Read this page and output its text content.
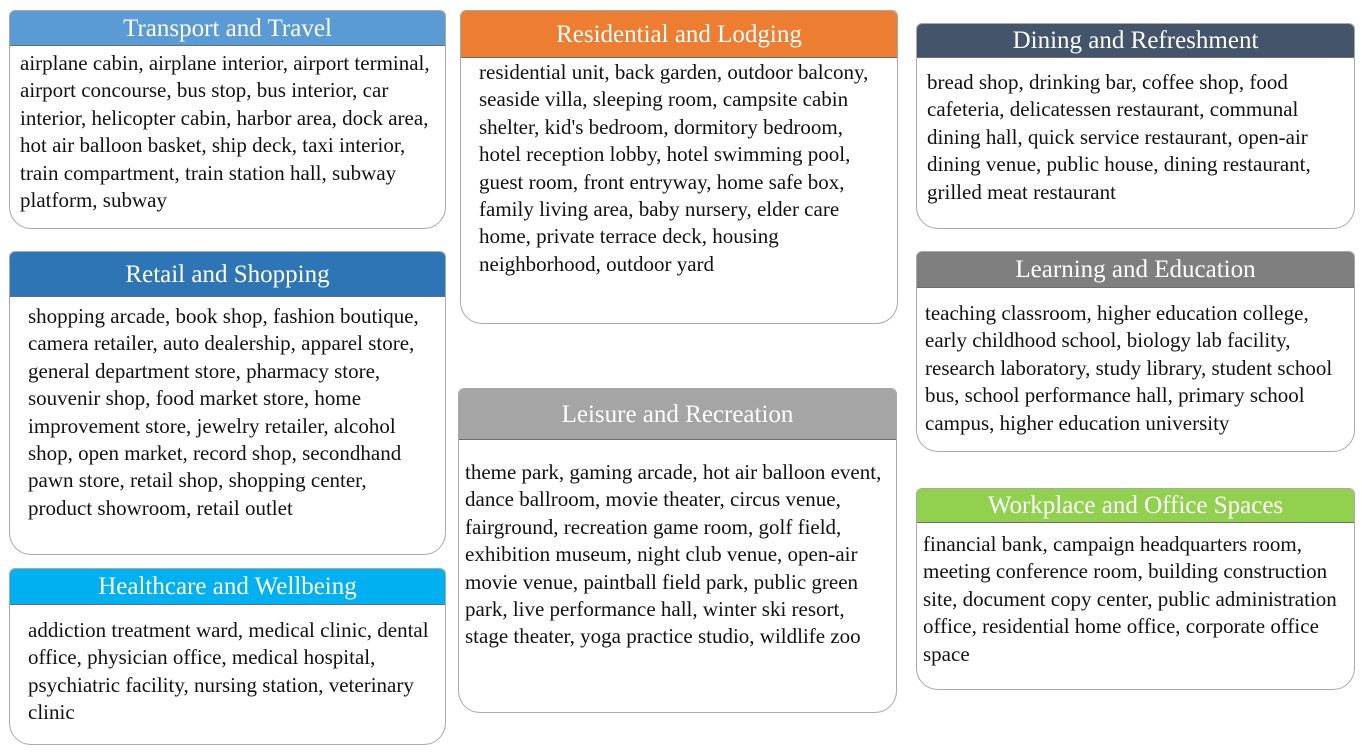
Transport and Travel
airplane cabin, airplane interior, airport terminal, airport concourse, bus stop, bus interior, car interior, helicopter cabin, harbor area, dock area, hot air balloon basket, ship deck, taxi interior, train compartment, train station hall, subway platform, subway
Retail and Shopping
shopping arcade, book shop, fashion boutique, camera retailer, auto dealership, apparel store, general department store, pharmacy store, souvenir shop, food market store, home improvement store, jewelry retailer, alcohol shop, open market, record shop, secondhand pawn store, retail shop, shopping center, product showroom, retail outlet
Healthcare and Wellbeing
addiction treatment ward, medical clinic, dental office, physician office, medical hospital, psychiatric facility, nursing station, veterinary clinic
Residential and Lodging
residential unit, back garden, outdoor balcony, seaside villa, sleeping room, campsite cabin shelter, kid's bedroom, dormitory bedroom, hotel reception lobby, hotel swimming pool, guest room, front entryway, home safe box, family living area, baby nursery, elder care home, private terrace deck, housing neighborhood, outdoor yard
Leisure and Recreation
theme park, gaming arcade, hot air balloon event, dance ballroom, movie theater, circus venue, fairground, recreation game room, golf field, exhibition museum, night club venue, open-air movie venue, paintball field park, public green park, live performance hall, winter ski resort, stage theater, yoga practice studio, wildlife zoo
Dining and Refreshment
bread shop, drinking bar, coffee shop, food cafeteria, delicatessen restaurant, communal dining hall, quick service restaurant, open-air dining venue, public house, dining restaurant, grilled meat restaurant
Learning and Education
teaching classroom, higher education college, early childhood school, biology lab facility, research laboratory, study library, student school bus, school performance hall, primary school campus, higher education university
Workplace and Office Spaces
financial bank, campaign headquarters room, meeting conference room, building construction site, document copy center, public administration office, residential home office, corporate office space
